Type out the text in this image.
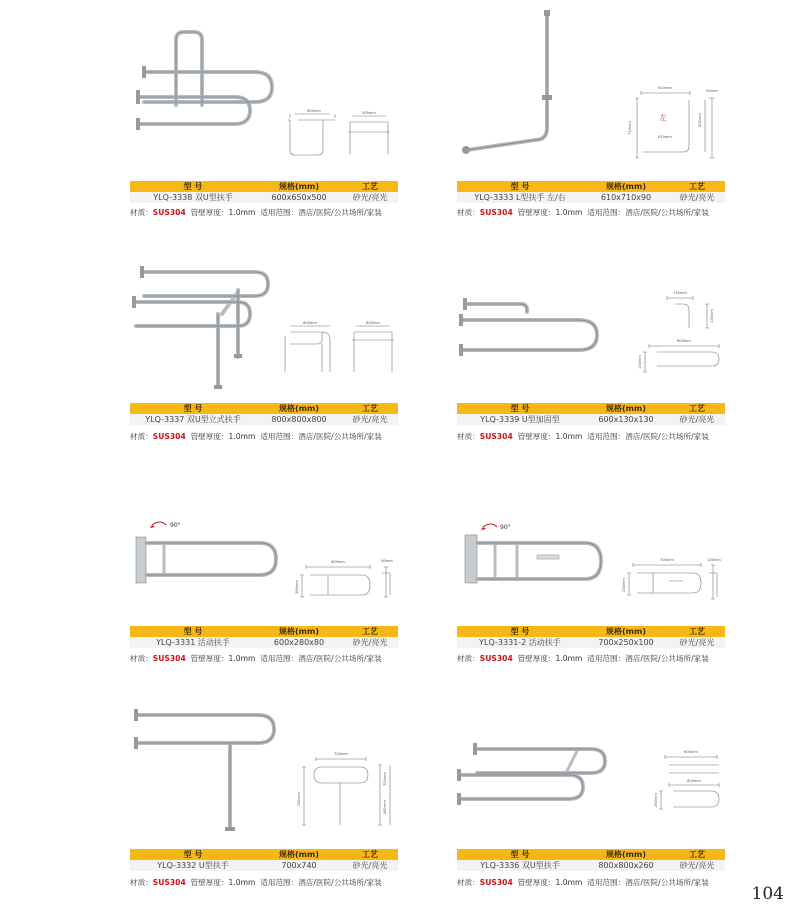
600mm	500mm
型 号	规格(mm)	工艺
YLQ-3338 双U型扶手	600x650x500	砂光/亮光
材质：SUS304 管壁厚度：1.0mm 适用范围：酒店/医院/公共场所/家装
610mm
90mm
710mm
610mm
492mm
左
型 号	规格(mm)	工艺
YLQ-3333 L型扶手 左/右	610x710x90	砂光/亮光
材质：SUS304 管壁厚度：1.0mm 适用范围：酒店/医院/公共场所/家装
800mm	800mm
型 号	规格(mm)	工艺
YLQ-3337 双U型立式扶手	800x800x800	砂光/亮光
材质：SUS304 管壁厚度：1.0mm 适用范围：酒店/医院/公共场所/家装
130mm
130mm
600mm
130mm
型 号	规格(mm)	工艺
YLQ-3339 U型加固型	600x130x130	砂光/亮光
材质：SUS304 管壁厚度：1.0mm 适用范围：酒店/医院/公共场所/家装
90°
600mm	80mm
280mm
型 号	规格(mm)	工艺
YLQ-3331 活动扶手	600x280x80	砂光/亮光
材质：SUS304 管壁厚度：1.0mm 适用范围：酒店/医院/公共场所/家装
90°
700mm	100mm
250mm
型 号	规格(mm)	工艺
YLQ-3331-2 活动扶手	700x250x100	砂光/亮光
材质：SUS304 管壁厚度：1.0mm 适用范围：酒店/医院/公共场所/家装
700mm
740mm
750mm
580mm
型 号	规格(mm)	工艺
YLQ-3332 U型扶手	700x740	砂光/亮光
材质：SUS304 管壁厚度：1.0mm 适用范围：酒店/医院/公共场所/家装
600mm
800mm
260mm
型 号	规格(mm)	工艺
YLQ-3336 双U型扶手	800x800x260	砂光/亮光
材质：SUS304 管壁厚度：1.0mm 适用范围：酒店/医院/公共场所/家装
104
